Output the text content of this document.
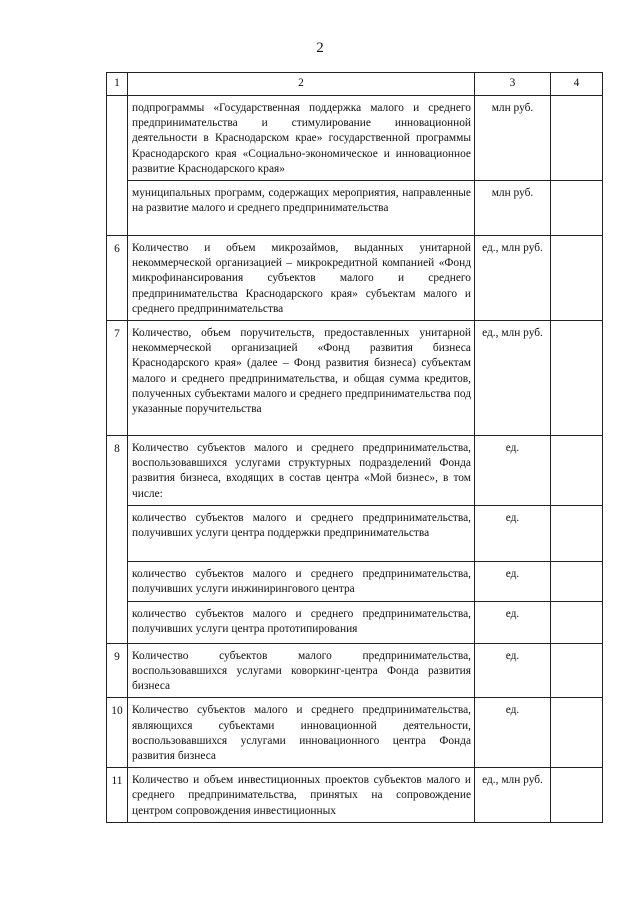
2
1	2	3	4
	подпрограммы «Государственная поддержка малого и среднего предпринимательства и стимулирование инновационной деятельности в Краснодарском крае» государственной программы Краснодарского края «Социально-экономическое и инновационное развитие Краснодарского края»	млн руб.	
	муниципальных программ, содержащих мероприятия, направленные на развитие малого и среднего предпринимательства	млн руб.	
6	Количество и объем микрозаймов, выданных унитарной некоммерческой организацией – микрокредитной компанией «Фонд микрофинансирования субъектов малого и среднего предпринимательства Краснодарского края» субъектам малого и среднего предпринимательства	ед., млн руб.	
7	Количество, объем поручительств, предоставленных унитарной некоммерческой организацией «Фонд развития бизнеса Краснодарского края» (далее – Фонд развития бизнеса) субъектам малого и среднего предпринимательства, и общая сумма кредитов, полученных субъектами малого и среднего предпринимательства под указанные поручительства	ед., млн руб.	
8	Количество субъектов малого и среднего предпринимательства, воспользовавшихся услугами структурных подразделений Фонда развития бизнеса, входящих в состав центра «Мой бизнес», в том числе:	ед.	
	количество субъектов малого и среднего предпринимательства, получивших услуги центра поддержки предпринимательства	ед.	
	количество субъектов малого и среднего предпринимательства, получивших услуги инжинирингового центра	ед.	
	количество субъектов малого и среднего предпринимательства, получивших услуги центра прототипирования	ед.	
9	Количество субъектов малого предпринимательства, воспользовавшихся услугами коворкинг-центра Фонда развития бизнеса	ед.	
10	Количество субъектов малого и среднего предпринимательства, являющихся субъектами инновационной деятельности, воспользовавшихся услугами инновационного центра Фонда развития бизнеса	ед.	
11	Количество и объем инвестиционных проектов субъектов малого и среднего предпринимательства, принятых на сопровождение центром сопровождения инвестиционных	ед., млн руб.	
